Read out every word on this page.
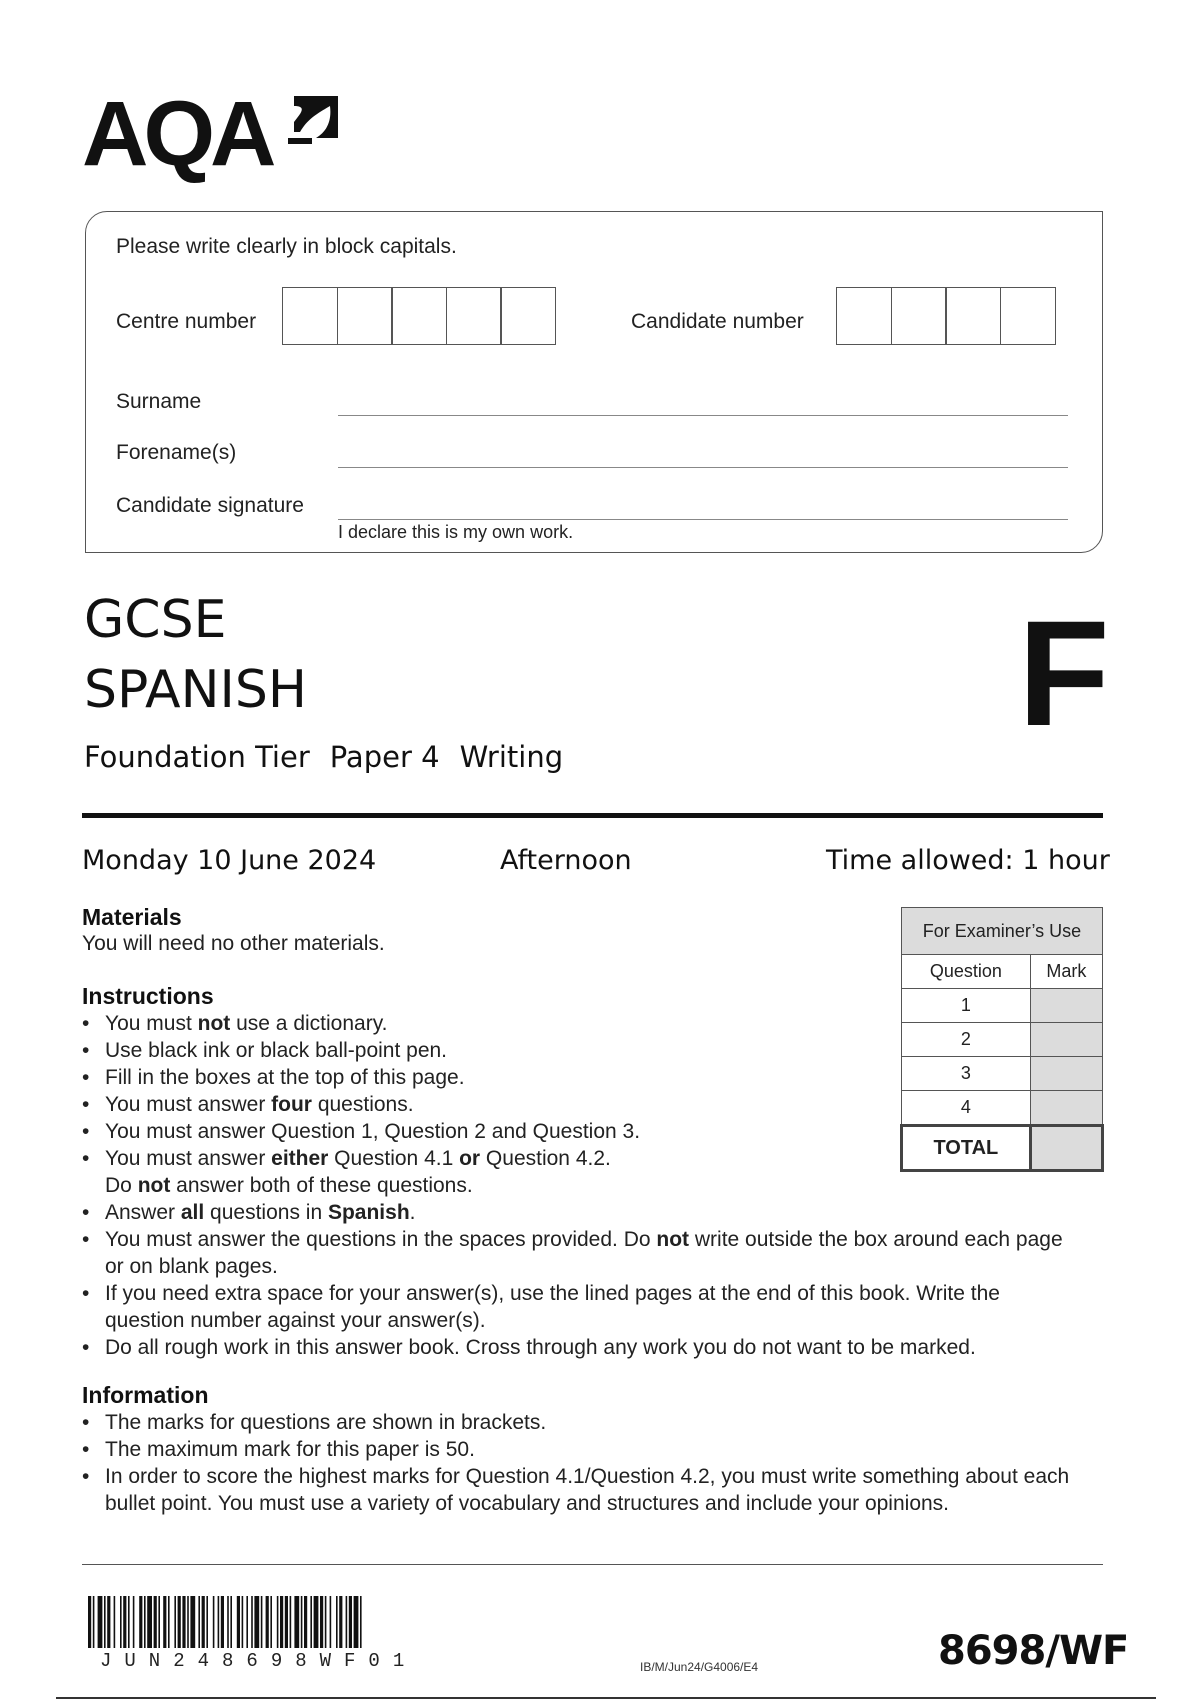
AQA
Please write clearly in block capitals.
Centre number	Candidate number
Surname
Forename(s)
Candidate signature
I declare this is my own work.
GCSE
SPANISH
Foundation Tier Paper 4 Writing	F
Monday 10 June 2024	Afternoon	Time allowed: 1 hour
Materials
You will need no other materials.
Instructions
• You must not use a dictionary.
• Use black ink or black ball-point pen.
• Fill in the boxes at the top of this page.
• You must answer four questions.
• You must answer Question 1, Question 2 and Question 3.
• You must answer either Question 4.1 or Question 4.2.
Do not answer both of these questions.
• Answer all questions in Spanish.
• You must answer the questions in the spaces provided. Do not write outside the box around each page or on blank pages.
• If you need extra space for your answer(s), use the lined pages at the end of this book. Write the question number against your answer(s).
• Do all rough work in this answer book. Cross through any work you do not want to be marked.
Information
• The marks for questions are shown in brackets.
• The maximum mark for this paper is 50.
• In order to score the highest marks for Question 4.1/Question 4.2, you must write something about each bullet point. You must use a variety of vocabulary and structures and include your opinions.
For Examiner’s Use	
Question	Mark
1	
2	
3	
4	
TOTAL	
JUN248698WF01	IB/M/Jun24/G4006/E4	8698/WF
